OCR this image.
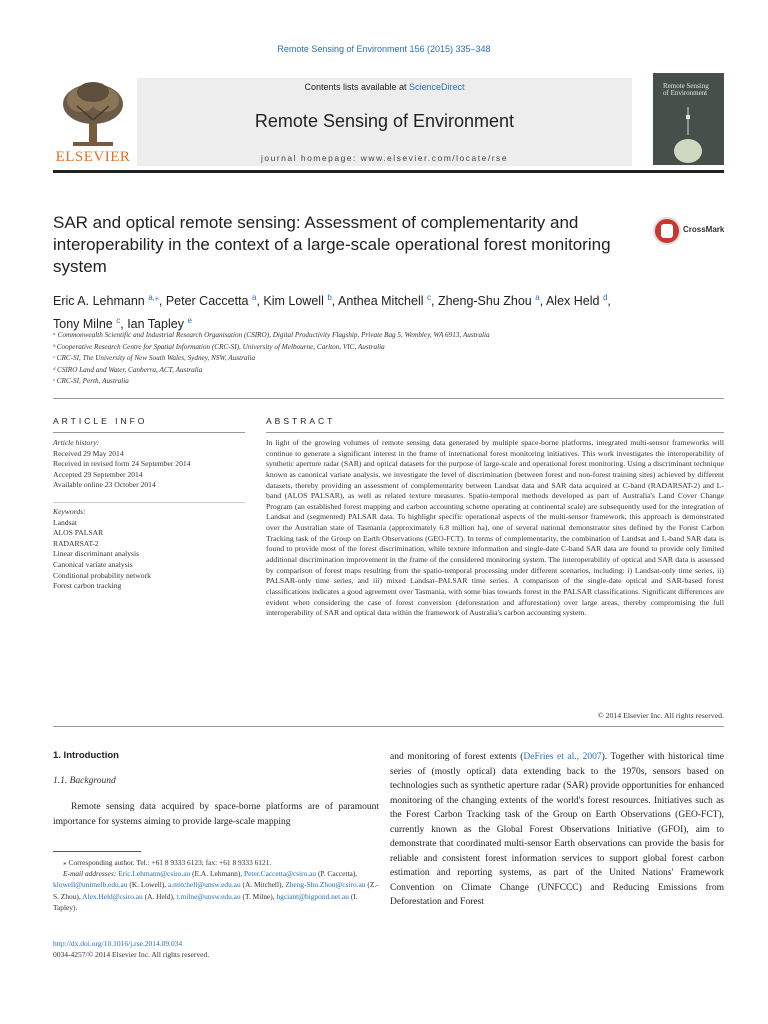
Remote Sensing of Environment 156 (2015) 335–348
ELSEVIER
Contents lists available at ScienceDirect
Remote Sensing of Environment
journal homepage: www.elsevier.com/locate/rse
Remote Sensing of Environment
SAR and optical remote sensing: Assessment of complementarity and interoperability in the context of a large-scale operational forest monitoring system
CrossMark
Eric A. Lehmann $^{a,⁎}$, Peter Caccetta $^a$, Kim Lowell $^b$, Anthea Mitchell $^c$, Zheng-Shu Zhou $^a$, Alex Held $^d$,
Tony Milne $^c$, Ian Tapley $^e$
ᵃ Commonwealth Scientific and Industrial Research Organisation (CSIRO), Digital Productivity Flagship, Private Bag 5, Wembley, WA 6913, Australia
ᵇ Cooperative Research Centre for Spatial Information (CRC-SI), University of Melbourne, Carlton, VIC, Australia
ᶜ CRC-SI, The University of New South Wales, Sydney, NSW, Australia
ᵈ CSIRO Land and Water, Canberra, ACT, Australia
ᵉ CRC-SI, Perth, Australia
ARTICLE INFO
Article history:
Received 29 May 2014
Received in revised form 24 September 2014
Accepted 29 September 2014
Available online 23 October 2014
Keywords:
Landsat
ALOS PALSAR
RADARSAT-2
Linear discriminant analysis
Canonical variate analysis
Conditional probability network
Forest carbon tracking
ABSTRACT
In light of the growing volumes of remote sensing data generated by multiple space-borne platforms, integrated multi-sensor frameworks will continue to generate a significant interest in the frame of international forest monitoring initiatives. This work investigates the interoperability of synthetic aperture radar (SAR) and optical datasets for the purpose of large-scale and operational forest monitoring. Using a discriminant technique known as canonical variate analysis, we investigate the level of discrimination (between forest and non-forest training sites) achieved by different datasets, thereby providing an assessment of complementarity between Landsat data and SAR data acquired at C-band (RADARSAT-2) and L-band (ALOS PALSAR), as well as related texture measures. Spatio-temporal methods developed as part of Australia's Land Cover Change Program (an established forest mapping and carbon accounting scheme operating at continental scale) are subsequently used for the integration of Landsat and (segmented) PALSAR data. To highlight specific operational aspects of the multi-sensor framework, this approach is demonstrated over the Australian state of Tasmania (approximately 6.8 million ha), one of several national demonstrator sites defined by the Forest Carbon Tracking task of the Group on Earth Observations (GEO-FCT). In terms of complementarity, the combination of Landsat and L-band SAR data is found to provide most of the forest discrimination, while texture information and single-date C-band SAR data are found to provide only limited additional discrimination improvement in the frame of the considered monitoring system. The interoperability of optical and SAR data is assessed by comparison of forest maps resulting from the spatio-temporal processing under different scenarios, including: i) Landsat-only time series, ii) PALSAR-only time series, and iii) mixed Landsat–PALSAR time series. A comparison of the single-date optical and SAR-based forest classifications indicates a good agreement over Tasmania, with some bias towards forest in the PALSAR classifications. Significant differences are evident when considering the case of forest conversion (deforestation and afforestation) over large areas, thereby compromising the full interoperability of SAR and optical data within the framework of Australia's carbon accounting system.
© 2014 Elsevier Inc. All rights reserved.
1. Introduction
1.1. Background
Remote sensing data acquired by space-borne platforms are of paramount importance for systems aiming to provide large-scale mapping
⁎ Corresponding author. Tel.: +61 8 9333 6123; fax: +61 8 9333 6121.
E-mail addresses: Eric.Lehmann@csiro.au (E.A. Lehmann), Peter.Caccetta@csiro.au (P. Caccetta), klowell@unimelb.edu.au (K. Lowell), a.mitchell@unsw.edu.au (A. Mitchell), Zheng-Shu.Zhou@csiro.au (Z.-S. Zhou), Alex.Held@csiro.au (A. Held), t.milne@unsw.edu.au (T. Milne), hgciant@bigpond.net.au (I. Tapley).
http://dx.doi.org/10.1016/j.rse.2014.09.034
0034-4257/© 2014 Elsevier Inc. All rights reserved.
and monitoring of forest extents (DeFries et al., 2007). Together with historical time series of (mostly optical) data extending back to the 1970s, sensors based on technologies such as synthetic aperture radar (SAR) provide opportunities for enhanced monitoring of the changing extents of the world's forest resources. Initiatives such as the Forest Carbon Tracking task of the Group on Earth Observations (GEO-FCT), currently known as the Global Forest Observations Initiative (GFOI), aim to demonstrate that coordinated multi-sensor Earth observations can provide the basis for reliable and consistent forest information services to support global forest carbon estimation and reporting systems, as part of the United Nations' Framework Convention on Climate Change (UNFCCC) and Reducing Emissions from Deforestation and Forest
